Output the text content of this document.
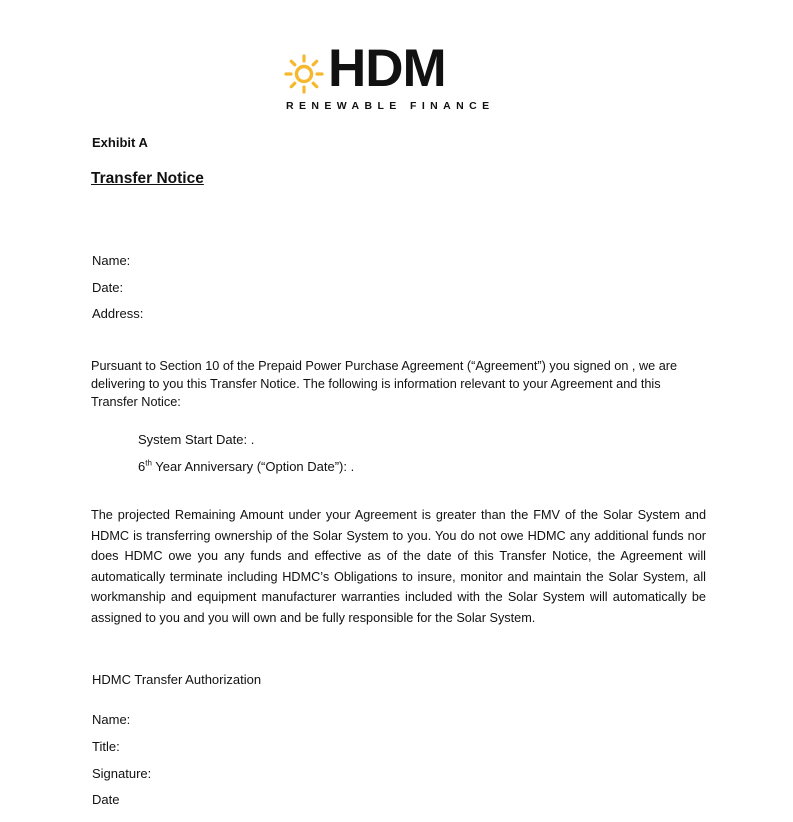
HDM
RENEWABLE FINANCE
Exhibit A
Transfer Notice
Name:
Date:
Address:
Pursuant to Section 10 of the Prepaid Power Purchase Agreement (“Agreement”) you signed on , we are delivering to you this Transfer Notice. The following is information relevant to your Agreement and this Transfer Notice:
System Start Date: .
6th Year Anniversary (“Option Date”): .
The projected Remaining Amount under your Agreement is greater than the FMV of the Solar System and HDMC is transferring ownership of the Solar System to you. You do not owe HDMC any additional funds nor does HDMC owe you any funds and effective as of the date of this Transfer Notice, the Agreement will automatically terminate including HDMC’s Obligations to insure, monitor and maintain the Solar System, all workmanship and equipment manufacturer warranties included with the Solar System will automatically be assigned to you and you will own and be fully responsible for the Solar System.
HDMC Transfer Authorization
Name:
Title:
Signature:
Date
